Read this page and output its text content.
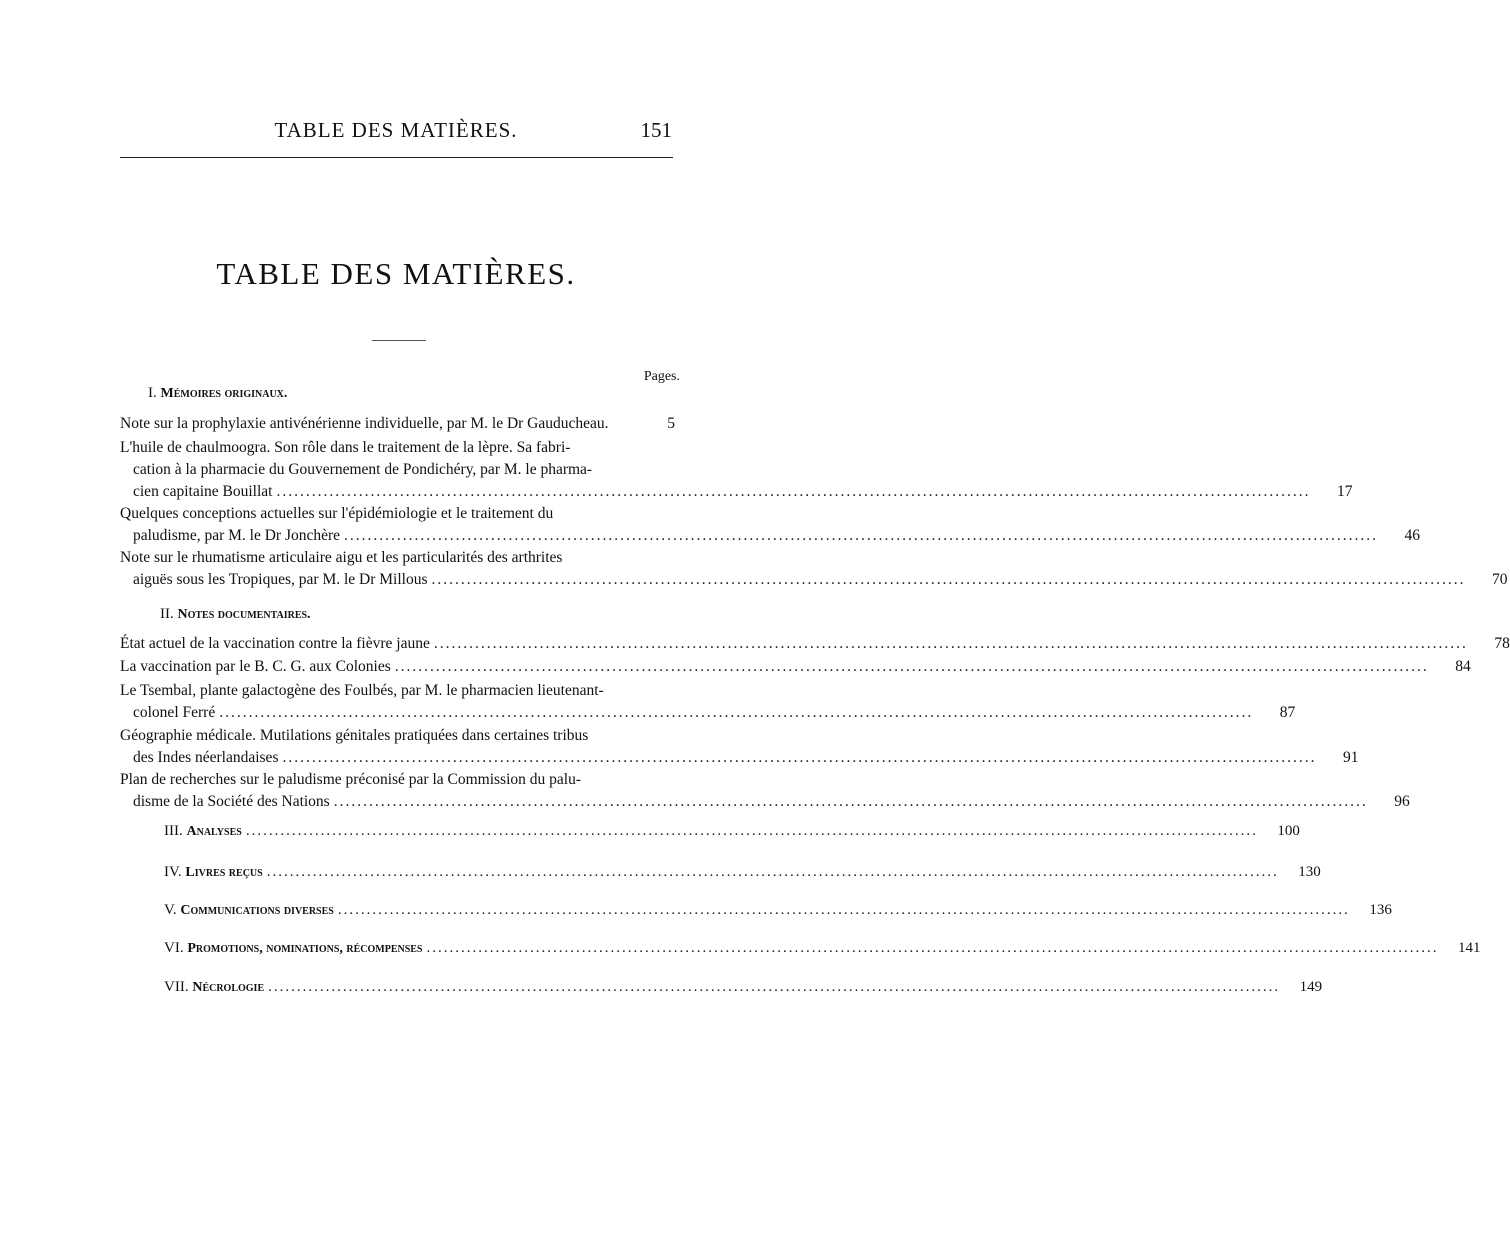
TABLE DES MATIÈRES.	151
TABLE DES MATIÈRES.
Pages.
I. Mémoires originaux.
Note sur la prophylaxie antivénérienne individuelle, par M. le Dr Gauducheau.	5
L'huile de chaulmoogra. Son rôle dans le traitement de la lèpre. Sa fabri-
cation à la pharmacie du Gouvernement de Pondichéry, par M. le pharma-
cien capitaine Bouillat ................................................................................................................................................................................	17
Quelques conceptions actuelles sur l'épidémiologie et le traitement du
paludisme, par M. le Dr Jonchère ................................................................................................................................................................................	46
Note sur le rhumatisme articulaire aigu et les particularités des arthrites
aiguës sous les Tropiques, par M. le Dr Millous ................................................................................................................................................................................	70
II. Notes documentaires.
État actuel de la vaccination contre la fièvre jaune ................................................................................................................................................................................	78
La vaccination par le B. C. G. aux Colonies ................................................................................................................................................................................	84
Le Tsembal, plante galactogène des Foulbés, par M. le pharmacien lieutenant-
colonel Ferré ................................................................................................................................................................................	87
Géographie médicale. Mutilations génitales pratiquées dans certaines tribus
des Indes néerlandaises ................................................................................................................................................................................	91
Plan de recherches sur le paludisme préconisé par la Commission du palu-
disme de la Société des Nations ................................................................................................................................................................................	96
III. Analyses ................................................................................................................................................................................	100
IV. Livres reçus ................................................................................................................................................................................	130
V. Communications diverses ................................................................................................................................................................................	136
VI. Promotions, nominations, récompenses ................................................................................................................................................................................	141
VII. Nécrologie ................................................................................................................................................................................	149
